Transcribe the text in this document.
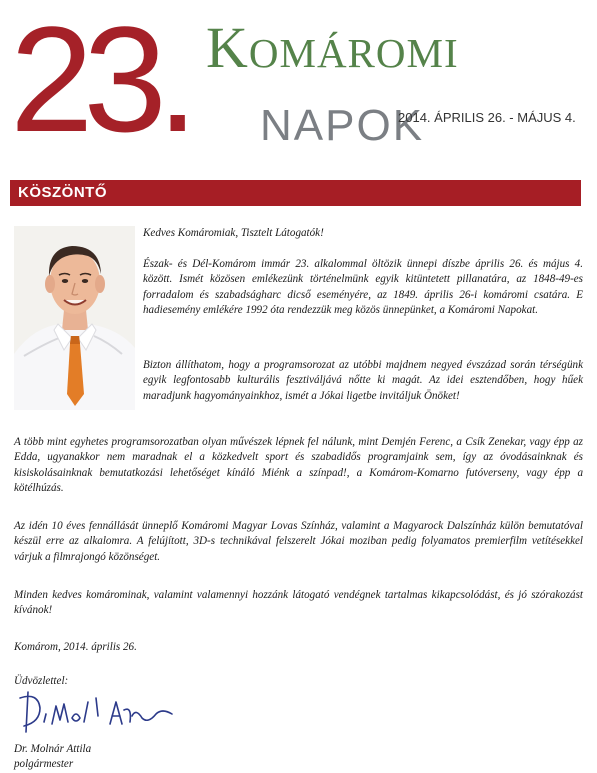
23. Komáromi
NAPOK
2014. ÁPRILIS 26. - MÁJUS 4.
KÖSZÖNTŐ

Kedves Komáromiak, Tisztelt Látogatók!

Észak- és Dél-Komárom immár 23. alkalommal öltözik ünnepi díszbe április 26. és május 4. között. Ismét közösen emlékezünk történelmünk egyik kitüntetett pillanatára, az 1848-49-es forradalom és szabadságharc dicső eseményére, az 1849. április 26-i komáromi csatára. E hadiesemény emlékére 1992 óta rendezzük meg közös ünnepünket, a Komáromi Napokat.

Bizton állíthatom, hogy a programsorozat az utóbbi majdnem negyed évszázad során térségünk egyik legfontosabb kulturális fesztiváljává nőtte ki magát. Az idei esztendőben, hogy hűek maradjunk hagyományainkhoz, ismét a Jókai ligetbe invitáljuk Önöket!

A több mint egyhetes programsorozatban olyan művészek lépnek fel nálunk, mint Demjén Ferenc, a Csík Zenekar, vagy épp az Edda, ugyanakkor nem maradnak el a közkedvelt sport és szabadidős programjaink sem, így az óvodásainknak és kisiskolásainknak bemutatkozási lehetőséget kínáló Miénk a színpad!, a Komárom-Komarno futóverseny, vagy épp a kötélhúzás.

Az idén 10 éves fennállását ünneplő Komáromi Magyar Lovas Színház, valamint a Magyarock Dalszínház külön bemutatóval készül erre az alkalomra. A felújított, 3D-s technikával felszerelt Jókai moziban pedig folyamatos premierfilm vetítésekkel várjuk a filmrajongó közönséget.

Minden kedves komárominak, valamint valamennyi hozzánk látogató vendégnek tartalmas kikapcsolódást, és jó szórakozást kívánok!

Komárom, 2014. április 26.

Üdvözlettel:

Dr. Molnár Attila

polgármester
